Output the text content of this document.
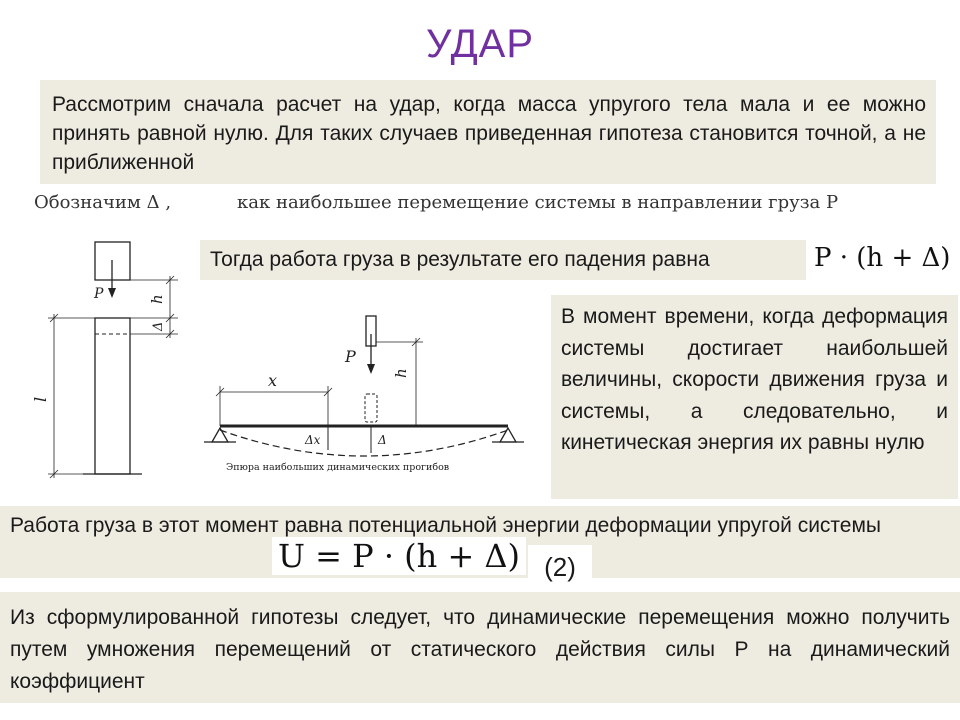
УДАР
Рассмотрим сначала расчет на удар, когда масса упругого тела мала и ее можно принять равной нулю. Для таких случаев приведенная гипотеза становится точной, а не приближенной
Обозначим Δ ,	как наибольшее перемещение системы в направлении груза P
P	h
Δ
l
Тогда работа груза в результате его падения равна	P · (h + Δ)
P
h
x
Δx	Δ
Эпюра наибольших динамических прогибов
В момент времени, когда деформация системы достигает наибольшей величины, скорости движения груза и системы, а следовательно, и кинетическая энергия их равны нулю
Работа груза в этот момент равна потенциальной энергии деформации упругой системы
U = P · (h + Δ) (2)
Из сформулированной гипотезы следует, что динамические перемещения можно получить путем умножения перемещений от статического действия силы Р на динамический коэффициент
